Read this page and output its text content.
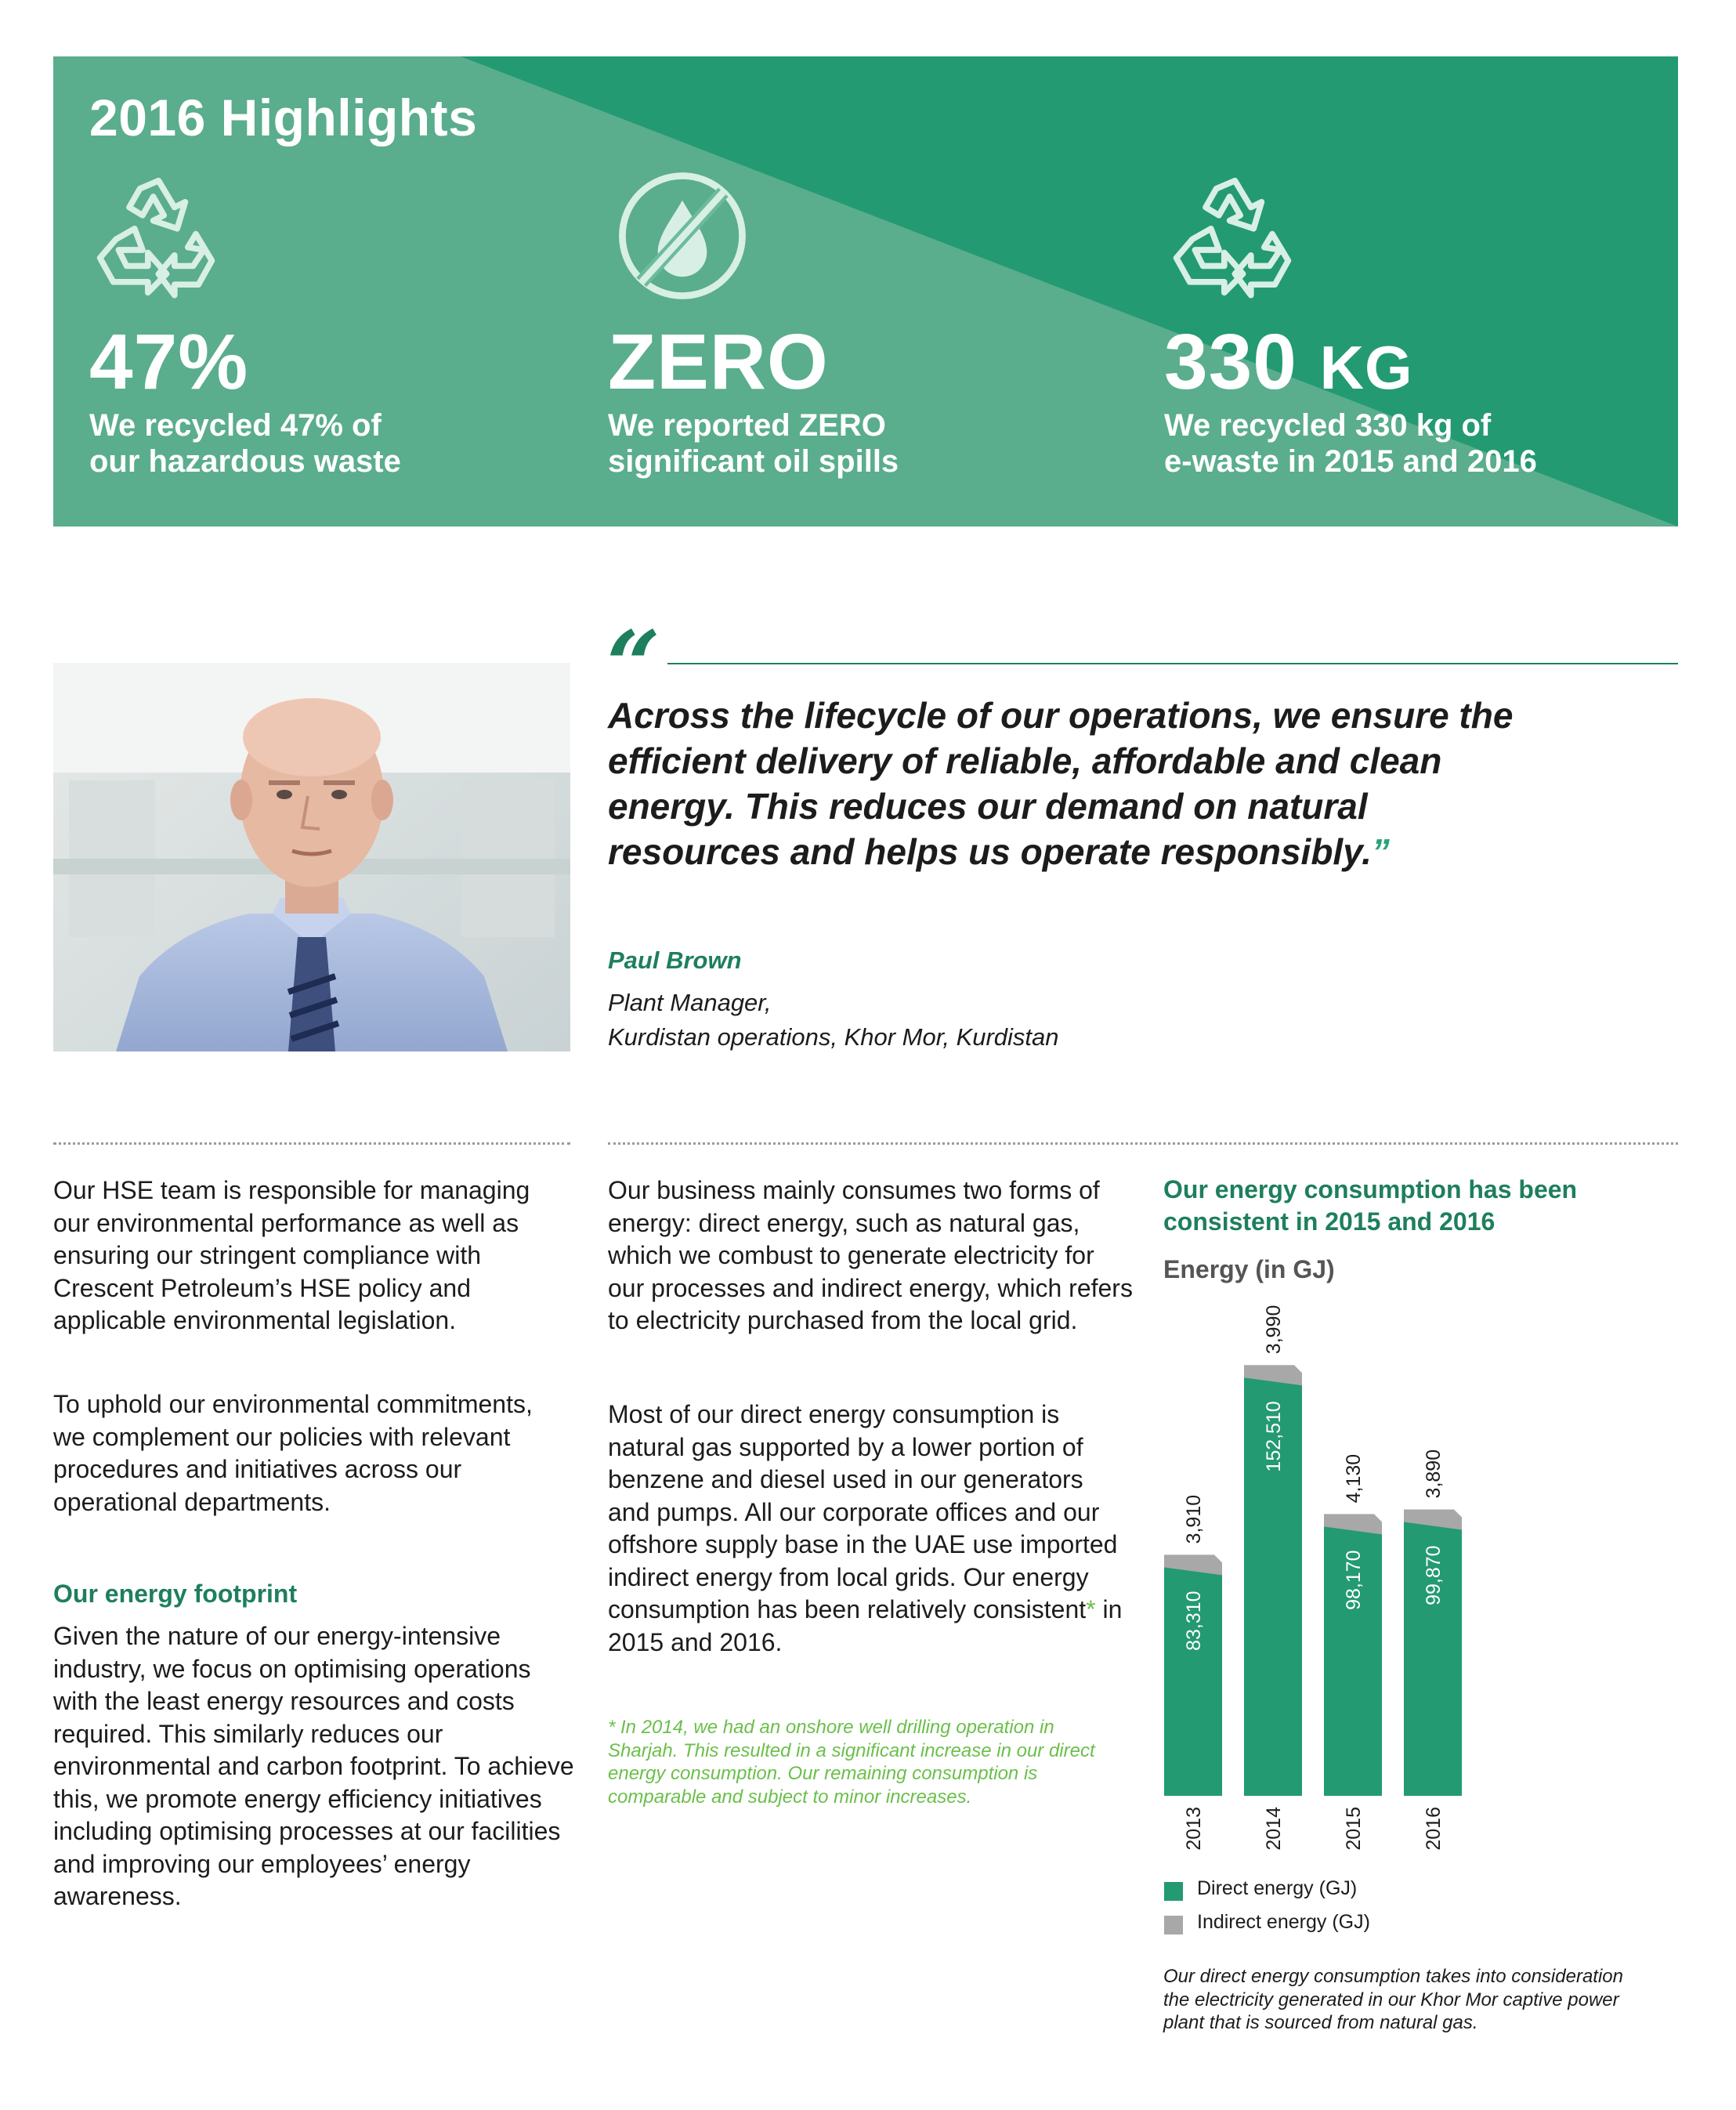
2016 Highlights
47%
We recycled 47% of
our hazardous waste
ZERO
We reported ZERO
significant oil spills
330 KG
We recycled 330 kg of
e-waste in 2015 and 2016
“
Across the lifecycle of our operations, we ensure the efficient delivery of reliable, affordable and clean energy. This reduces our demand on natural resources and helps us operate responsibly.”
Paul Brown
Plant Manager,
Kurdistan operations, Khor Mor, Kurdistan
Our HSE team is responsible for managing our environmental performance as well as ensuring our stringent compliance with Crescent Petroleum’s HSE policy and applicable environmental legislation.
To uphold our environmental commitments, we complement our policies with relevant procedures and initiatives across our operational departments.
Our energy footprint
Given the nature of our energy-intensive industry, we focus on optimising operations with the least energy resources and costs required. This similarly reduces our environmental and carbon footprint. To achieve this, we promote energy efficiency initiatives including optimising processes at our facilities and improving our employees’ energy awareness.
Our business mainly consumes two forms of energy: direct energy, such as natural gas, which we combust to generate electricity for our processes and indirect energy, which refers to electricity purchased from the local grid.
Most of our direct energy consumption is natural gas supported by a lower portion of benzene and diesel used in our generators and pumps. All our corporate offices and our offshore supply base in the UAE use imported indirect energy from local grids. Our energy consumption has been relatively consistent* in 2015 and 2016.
* In 2014, we had an onshore well drilling operation in Sharjah. This resulted in a significant increase in our direct energy consumption. Our remaining consumption is comparable and subject to minor increases.
Our energy consumption has been consistent in 2015 and 2016
Energy (in GJ)
83,310
3,910
2013
152,510
3,990
2014
98,170
4,130
2015
99,870
3,890
2016
Direct energy (GJ)
Indirect energy (GJ)
Our direct energy consumption takes into consideration the electricity generated in our Khor Mor captive power plant that is sourced from natural gas.
